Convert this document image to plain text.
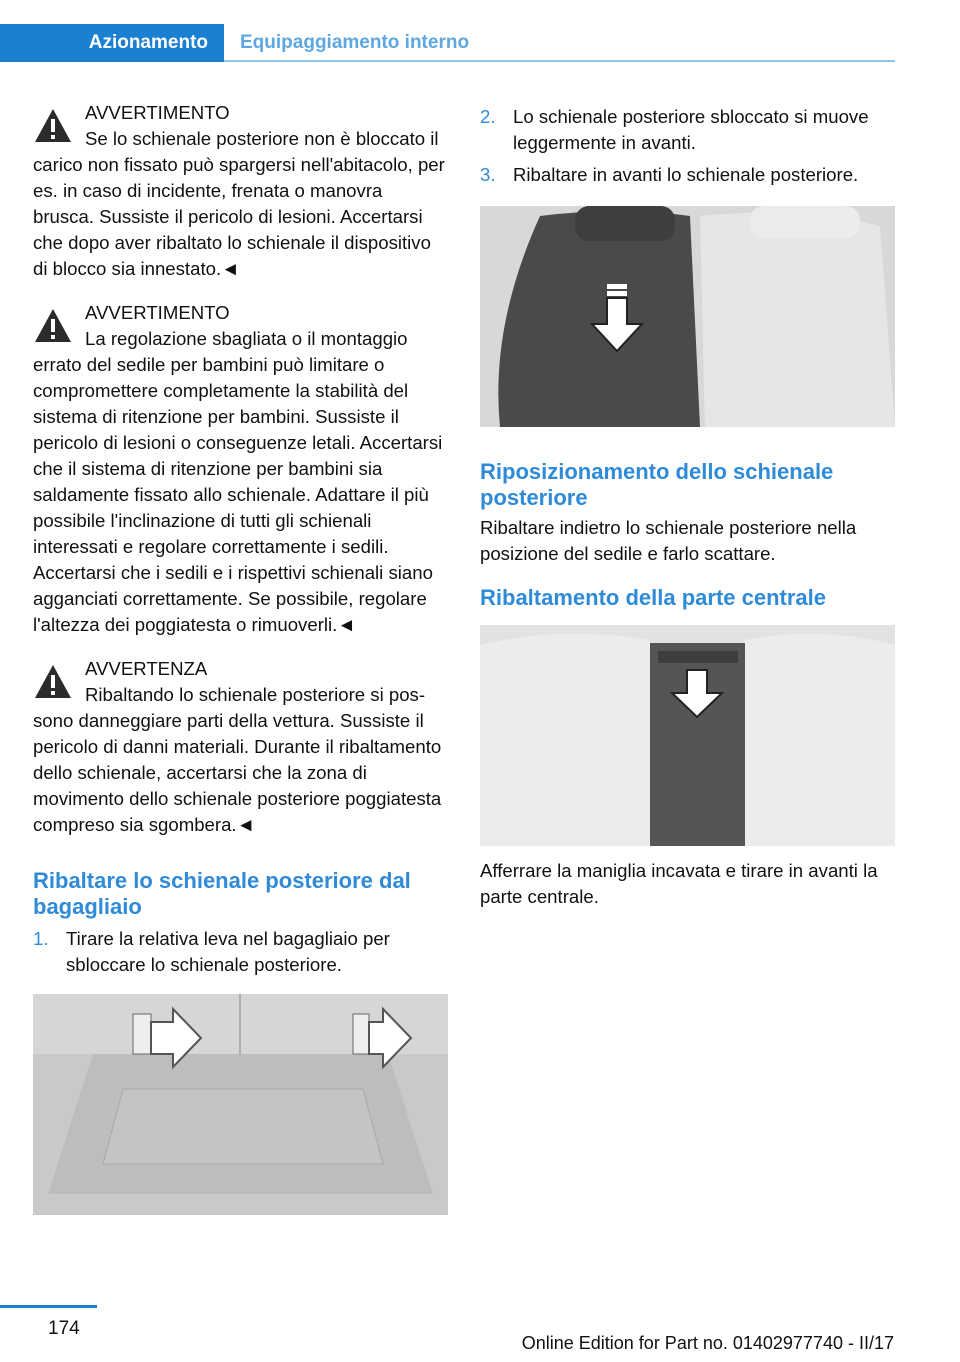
Azionamento	Equipaggiamento interno
AVVERTIMENTO

Se lo schienale posteriore non è bloccato il carico non fissato può spargersi nell'abitacolo, per es. in caso di incidente, frenata o manovra brusca. Sussiste il pericolo di lesioni. Accertarsi che dopo aver ribaltato lo schienale il dispositivo di blocco sia innestato.◄

AVVERTIMENTO

La regolazione sbagliata o il montaggio errato del sedile per bambini può limitare o compromettere completamente la stabilità del sistema di ritenzione per bambini. Sussiste il pericolo di lesioni o conseguenze letali. Accertarsi che il sistema di ritenzione per bambini sia saldamente fissato allo schienale. Adattare il più possibile l'inclinazione di tutti gli schienali interessati e regolare correttamente i sedili. Accertarsi che i sedili e i rispettivi schienali siano agganciati correttamente. Se possibile, regolare l'altezza dei poggiatesta o rimuoverli.◄

AVVERTENZA

Ribaltando lo schienale posteriore si possono danneggiare parti della vettura. Sussiste il pericolo di danni materiali. Durante il ribaltamento dello schienale, accertarsi che la zona di movimento dello schienale posteriore poggiatesta compreso sia sgombera.◄

Ribaltare lo schienale posteriore dal bagagliaio
1. Tirare la relativa leva nel bagagliaio per sbloccare lo schienale posteriore.
2. Lo schienale posteriore sbloccato si muove leggermente in avanti.
3. Ribaltare in avanti lo schienale posteriore.
Riposizionamento dello schienale posteriore

Ribaltare indietro lo schienale posteriore nella posizione del sedile e farlo scattare.

Ribaltamento della parte centrale

Afferrare la maniglia incavata e tirare in avanti la parte centrale.

174
Online Edition for Part no. 01402977740 - II/17
